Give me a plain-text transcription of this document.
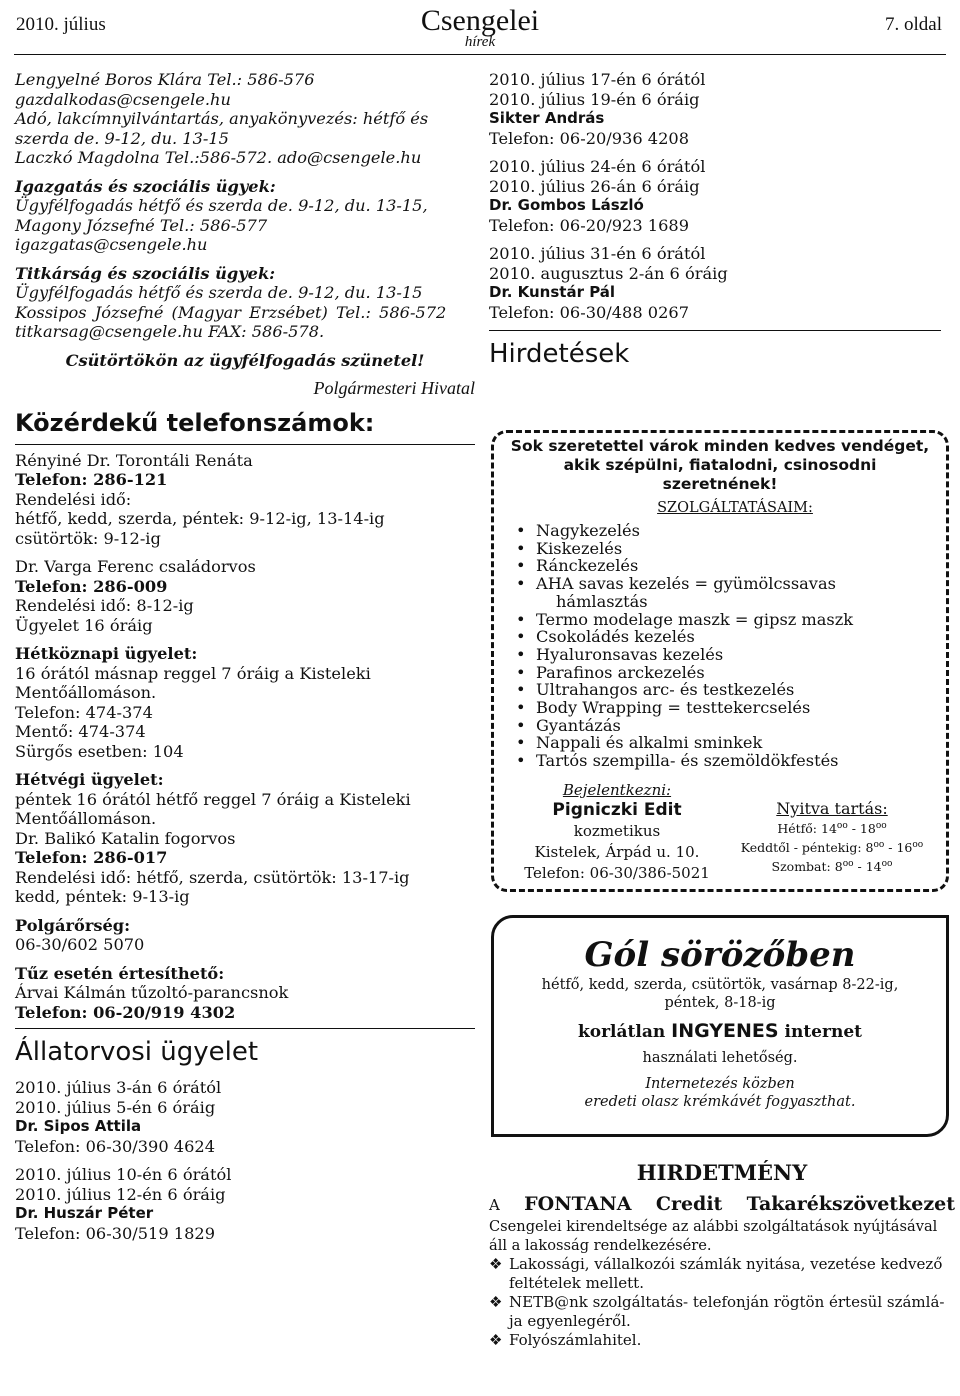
2010. július	Csengelei
hírek
7. oldal
Lengyelné Boros Klára Tel.: 586-576
gazdalkodas@csengele.hu
Adó, lakcímnyilvántartás, anyakönyvezés: hétfő és
szerda de. 9-12, du. 13-15
Laczkó Magdolna Tel.:586-572. ado@csengele.hu
Igazgatás és szociális ügyek:
Ügyfélfogadás hétfő és szerda de. 9-12, du. 13-15,
Magony Józsefné Tel.: 586-577
igazgatas@csengele.hu
Titkárság és szociális ügyek:
Ügyfélfogadás hétfő és szerda de. 9-12, du. 13-15
Kossipos Józsefné (Magyar Erzsébet) Tel.: 586-572
titkarsag@csengele.hu FAX: 586-578.
Csütörtökön az ügyfélfogadás szünetel!
Polgármesteri Hivatal
Közérdekű telefonszámok:
Rényiné Dr. Torontáli Renáta
Telefon: 286-121
Rendelési idő:
hétfő, kedd, szerda, péntek: 9-12-ig, 13-14-ig
csütörtök: 9-12-ig
Dr. Varga Ferenc családorvos
Telefon: 286-009
Rendelési idő: 8-12-ig
Ügyelet 16 óráig
Hétköznapi ügyelet:
16 órától másnap reggel 7 óráig a Kisteleki
Mentőállomáson.
Telefon: 474-374
Mentő: 474-374
Sürgős esetben: 104
Hétvégi ügyelet:
péntek 16 órától hétfő reggel 7 óráig a Kisteleki
Mentőállomáson.
Dr. Balikó Katalin fogorvos
Telefon: 286-017
Rendelési idő: hétfő, szerda, csütörtök: 13-17-ig
kedd, péntek: 9-13-ig
Polgárőrség:
06-30/602 5070
Tűz esetén értesíthető:
Árvai Kálmán tűzoltó-parancsnok
Telefon: 06-20/919 4302
Állatorvosi ügyelet
2010. július 3-án 6 órától
2010. július 5-én 6 óráig
Dr. Sipos Attila
Telefon: 06-30/390 4624
2010. július 10-én 6 órától
2010. július 12-én 6 óráig
Dr. Huszár Péter
Telefon: 06-30/519 1829
2010. július 17-én 6 órától
2010. július 19-én 6 óráig
Sikter András
Telefon: 06-20/936 4208
2010. július 24-én 6 órától
2010. július 26-án 6 óráig
Dr. Gombos László
Telefon: 06-20/923 1689
2010. július 31-én 6 órától
2010. augusztus 2-án 6 óráig
Dr. Kunstár Pál
Telefon: 06-30/488 0267
Hirdetések
Sok szeretettel várok minden kedves vendéget,
akik szépülni, fiatalodni, csinosodni
szeretnének!
SZOLGÁLTATÁSAIM:
• Nagykezelés
• Kiskezelés
• Ránckezelés
• AHA savas kezelés = gyümölcssavas
hámlasztás
• Termo modelage maszk = gipsz maszk
• Csokoládés kezelés
• Hyaluronsavas kezelés
• Parafinos arckezelés
• Ultrahangos arc- és testkezelés
• Body Wrapping = testtekercselés
• Gyantázás
• Nappali és alkalmi sminkek
• Tartós szempilla- és szemöldökfestés
Bejelentkezni:
Pigniczki Edit
kozmetikus
Kistelek, Árpád u. 10.
Telefon: 06-30/386-5021
Nyitva tartás:
Hétfő: $14^{oo} - 18^{oo}$
Keddtől - péntekig: $8^{oo} - 16^{oo}$
Szombat: $8^{oo} - 14^{oo}$
Gól sörözőben
hétfő, kedd, szerda, csütörtök, vasárnap 8-22-ig,
péntek, 8-18-ig
korlátlan INGYENES internet
használati lehetőség.
Internetezés közben
eredeti olasz krémkávét fogyaszthat.
HIRDETMÉNY
A FONTANA Credit Takarékszövetkezet
Csengelei kirendeltsége az alábbi szolgáltatások nyújtásával
áll a lakosság rendelkezésére.
❖ Lakossági, vállalkozói számlák nyitása, vezetése kedvező
feltételek mellett.
❖ NETB@nk szolgáltatás- telefonján rögtön értesül számlá-
ja egyenlegéről.
❖ Folyószámlahitel.
